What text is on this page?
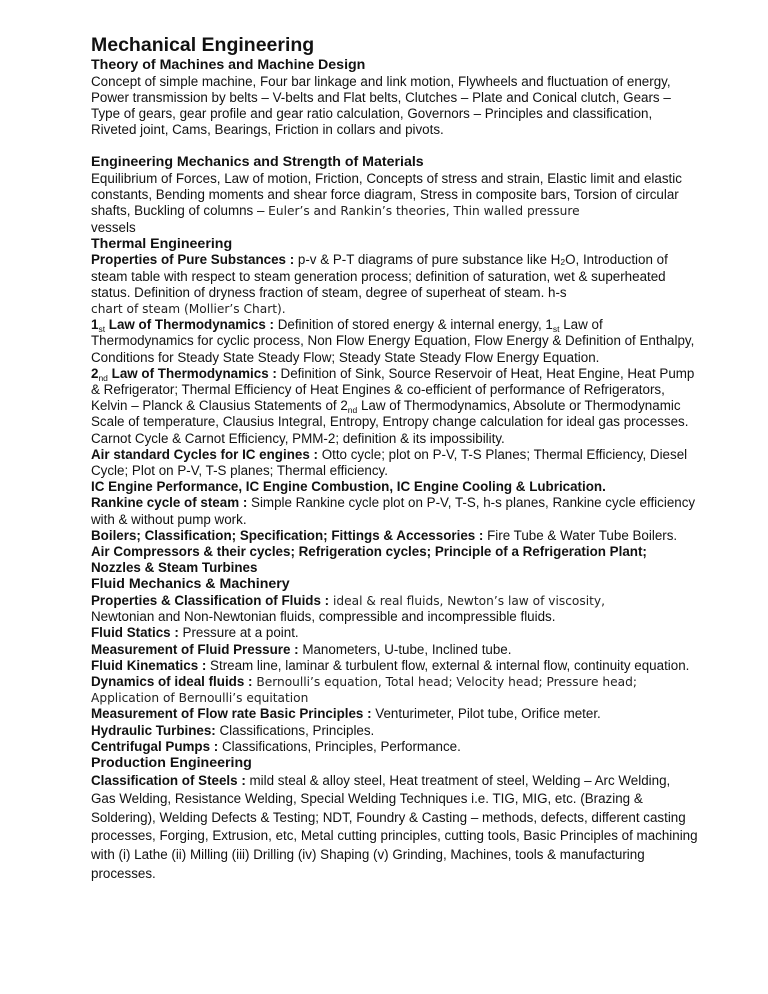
Mechanical Engineering
Theory of Machines and Machine Design

Concept of simple machine, Four bar linkage and link motion, Flywheels and fluctuation of energy, Power transmission by belts – V-belts and Flat belts, Clutches – Plate and Conical clutch, Gears – Type of gears, gear profile and gear ratio calculation, Governors – Principles and classification, Riveted joint, Cams, Bearings, Friction in collars and pivots.

Engineering Mechanics and Strength of Materials

Equilibrium of Forces, Law of motion, Friction, Concepts of stress and strain, Elastic limit and elastic constants, Bending moments and shear force diagram, Stress in composite bars, Torsion of circular shafts, Buckling of columns – Euler’s and Rankin’s theories, Thin walled pressure
vessels

Thermal Engineering

Properties of Pure Substances : p-v & P-T diagrams of pure substance like $H_2O$, Introduction of steam table with respect to steam generation process; definition of saturation, wet & superheated status. Definition of dryness fraction of steam, degree of superheat of steam. h-s
chart of steam (Mollier’s Chart).

1st Law of Thermodynamics : Definition of stored energy & internal energy, 1st Law of Thermodynamics for cyclic process, Non Flow Energy Equation, Flow Energy & Definition of Enthalpy, Conditions for Steady State Steady Flow; Steady State Steady Flow Energy Equation.

2nd Law of Thermodynamics : Definition of Sink, Source Reservoir of Heat, Heat Engine, Heat Pump & Refrigerator; Thermal Efficiency of Heat Engines & co-efficient of performance of Refrigerators, Kelvin – Planck & Clausius Statements of 2nd Law of Thermodynamics, Absolute or Thermodynamic Scale of temperature, Clausius Integral, Entropy, Entropy change calculation for ideal gas processes. Carnot Cycle & Carnot Efficiency, PMM-2; definition & its impossibility.

Air standard Cycles for IC engines : Otto cycle; plot on P-V, T-S Planes; Thermal Efficiency, Diesel Cycle; Plot on P-V, T-S planes; Thermal efficiency.

IC Engine Performance, IC Engine Combustion, IC Engine Cooling & Lubrication.

Rankine cycle of steam : Simple Rankine cycle plot on P-V, T-S, h-s planes, Rankine cycle efficiency with & without pump work.

Boilers; Classification; Specification; Fittings & Accessories : Fire Tube & Water Tube Boilers.

Air Compressors & their cycles; Refrigeration cycles; Principle of a Refrigeration Plant; Nozzles & Steam Turbines

Fluid Mechanics & Machinery

Properties & Classification of Fluids : ideal & real fluids, Newton’s law of viscosity,
Newtonian and Non-Newtonian fluids, compressible and incompressible fluids.

Fluid Statics : Pressure at a point.

Measurement of Fluid Pressure : Manometers, U-tube, Inclined tube.

Fluid Kinematics : Stream line, laminar & turbulent flow, external & internal flow, continuity equation.

Dynamics of ideal fluids : Bernoulli’s equation, Total head; Velocity head; Pressure head; Application of Bernoulli’s equitation

Measurement of Flow rate Basic Principles : Venturimeter, Pilot tube, Orifice meter.

Hydraulic Turbines: Classifications, Principles.

Centrifugal Pumps : Classifications, Principles, Performance.

Production Engineering

Classification of Steels : mild steal & alloy steel, Heat treatment of steel, Welding – Arc Welding, Gas Welding, Resistance Welding, Special Welding Techniques i.e. TIG, MIG, etc. (Brazing & Soldering), Welding Defects & Testing; NDT, Foundry & Casting – methods, defects, different casting processes, Forging, Extrusion, etc, Metal cutting principles, cutting tools, Basic Principles of machining with (i) Lathe (ii) Milling (iii) Drilling (iv) Shaping (v) Grinding, Machines, tools & manufacturing processes.
